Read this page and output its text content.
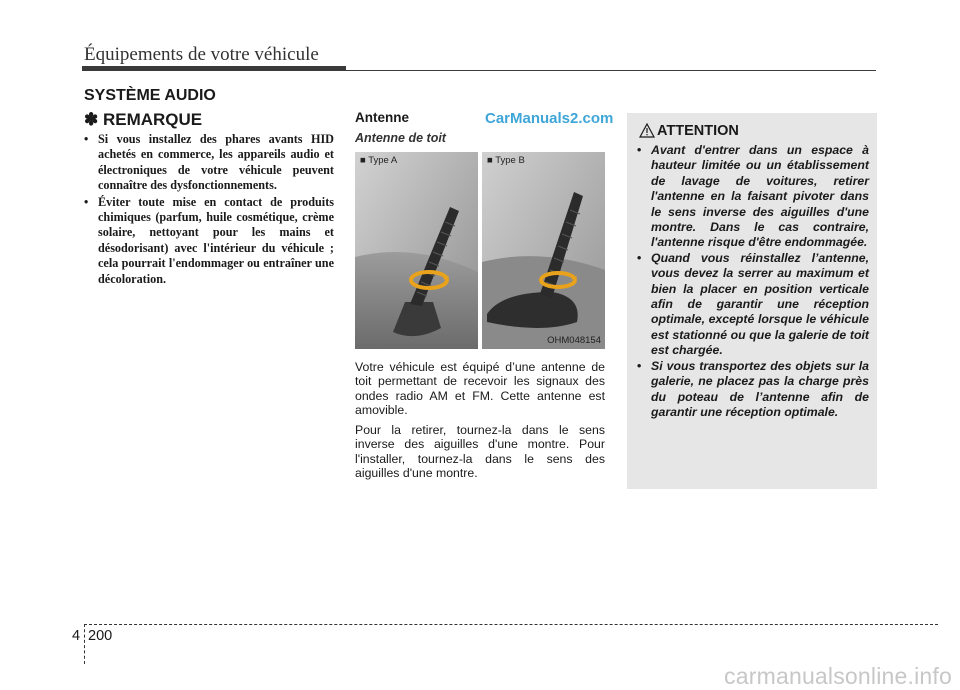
Équipements de votre véhicule
SYSTÈME AUDIO
✽ REMARQUE
• Si vous installez des phares avants HID achetés en commerce, les appareils audio et électroniques de votre véhicule peuvent connaître des dysfonctionnements.
• Éviter toute mise en contact de produits chimiques (parfum, huile cosmétique, crème solaire, nettoyant pour les mains et désodorisant) avec l'intérieur du véhicule ; cela pourrait l'endommager ou entraîner une décoloration.
Antenne	CarManuals2.com
Antenne de toit
■ Type A	■ Type B
OHM048154

Votre véhicule est équipé d’une antenne de toit permettant de recevoir les signaux des ondes radio AM et FM. Cette antenne est amovible.

Pour la retirer, tournez-la dans le sens inverse des aiguilles d'une montre. Pour l'installer, tournez-la dans le sens des aiguilles d'une montre.

ATTENTION
• Avant d'entrer dans un espace à hauteur limitée ou un établissement de lavage de voitures, retirer l'antenne en la faisant pivoter dans le sens inverse des aiguilles d'une montre. Dans le cas contraire, l'antenne risque d'être endommagée.
• Quand vous réinstallez l’antenne, vous devez la serrer au maximum et bien la placer en position verticale afin de garantir une réception optimale, excepté lorsque le véhicule est stationné ou que la galerie de toit est chargée.
• Si vous transportez des objets sur la galerie, ne placez pas la charge près du poteau de l’antenne afin de garantir une réception optimale.
4 200
carmanualsonline.info
